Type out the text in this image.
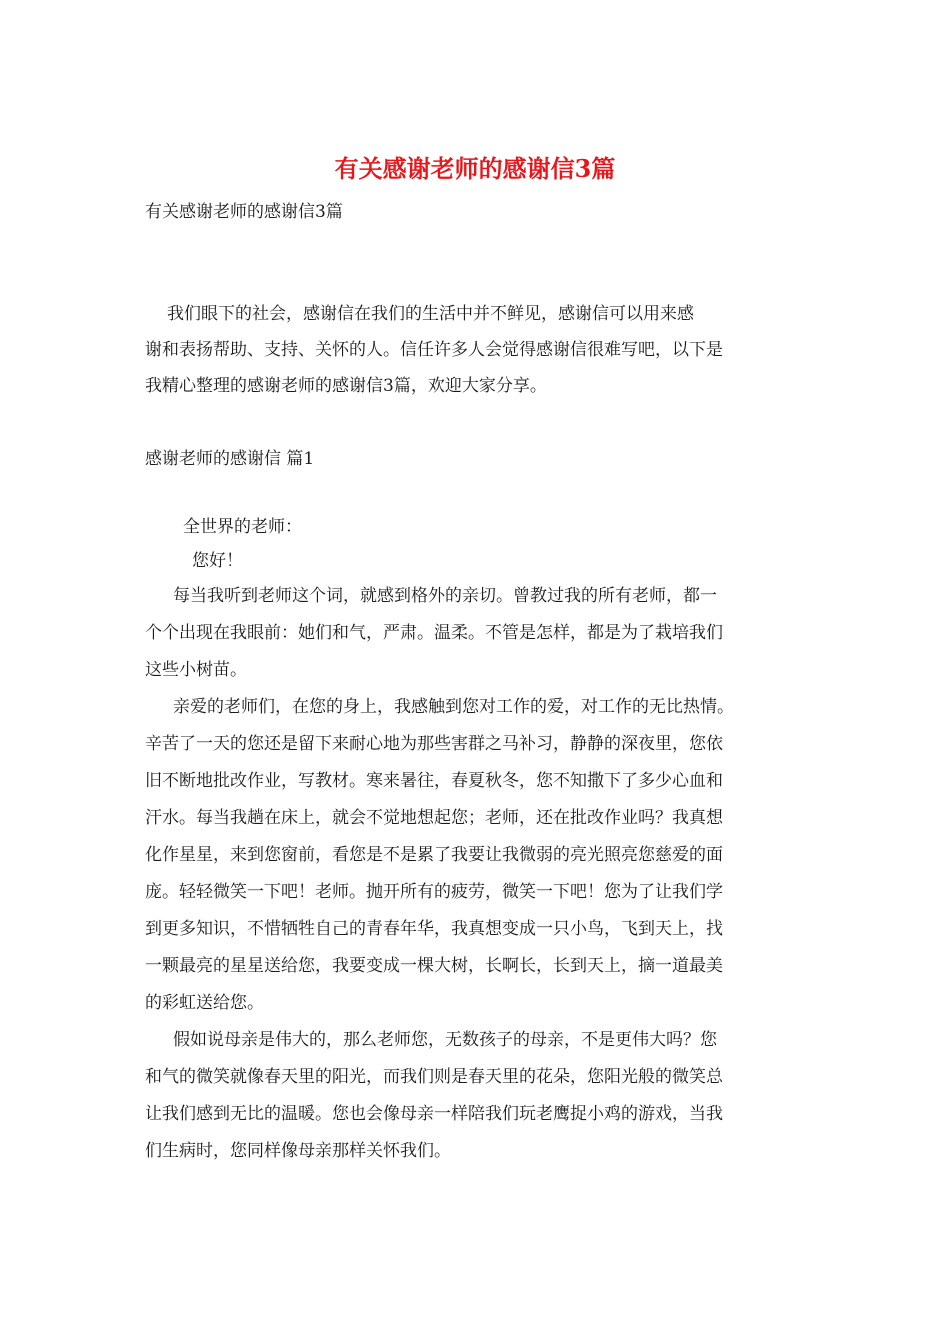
有关感谢老师的感谢信3篇
有关感谢老师的感谢信3篇
我们眼下的社会，感谢信在我们的生活中并不鲜见，感谢信可以用来感
谢和表扬帮助、支持、关怀的人。信任许多人会觉得感谢信很难写吧，以下是
我精心整理的感谢老师的感谢信3篇，欢迎大家分享。
感谢老师的感谢信 篇1
全世界的老师：
您好！
每当我听到老师这个词，就感到格外的亲切。曾教过我的所有老师，都一
个个出现在我眼前：她们和气，严肃。温柔。不管是怎样，都是为了栽培我们
这些小树苗。
亲爱的老师们，在您的身上，我感触到您对工作的爱，对工作的无比热情。
辛苦了一天的您还是留下来耐心地为那些害群之马补习，静静的深夜里，您依
旧不断地批改作业，写教材。寒来暑往，春夏秋冬，您不知撒下了多少心血和
汗水。每当我趟在床上，就会不觉地想起您；老师，还在批改作业吗？我真想
化作星星，来到您窗前，看您是不是累了我要让我微弱的亮光照亮您慈爱的面
庞。轻轻微笑一下吧！老师。抛开所有的疲劳，微笑一下吧！您为了让我们学
到更多知识，不惜牺牲自己的青春年华，我真想变成一只小鸟，飞到天上，找
一颗最亮的星星送给您，我要变成一棵大树，长啊长，长到天上，摘一道最美
的彩虹送给您。
假如说母亲是伟大的，那么老师您，无数孩子的母亲，不是更伟大吗？您
和气的微笑就像春天里的阳光，而我们则是春天里的花朵，您阳光般的微笑总
让我们感到无比的温暖。您也会像母亲一样陪我们玩老鹰捉小鸡的游戏，当我
们生病时，您同样像母亲那样关怀我们。
